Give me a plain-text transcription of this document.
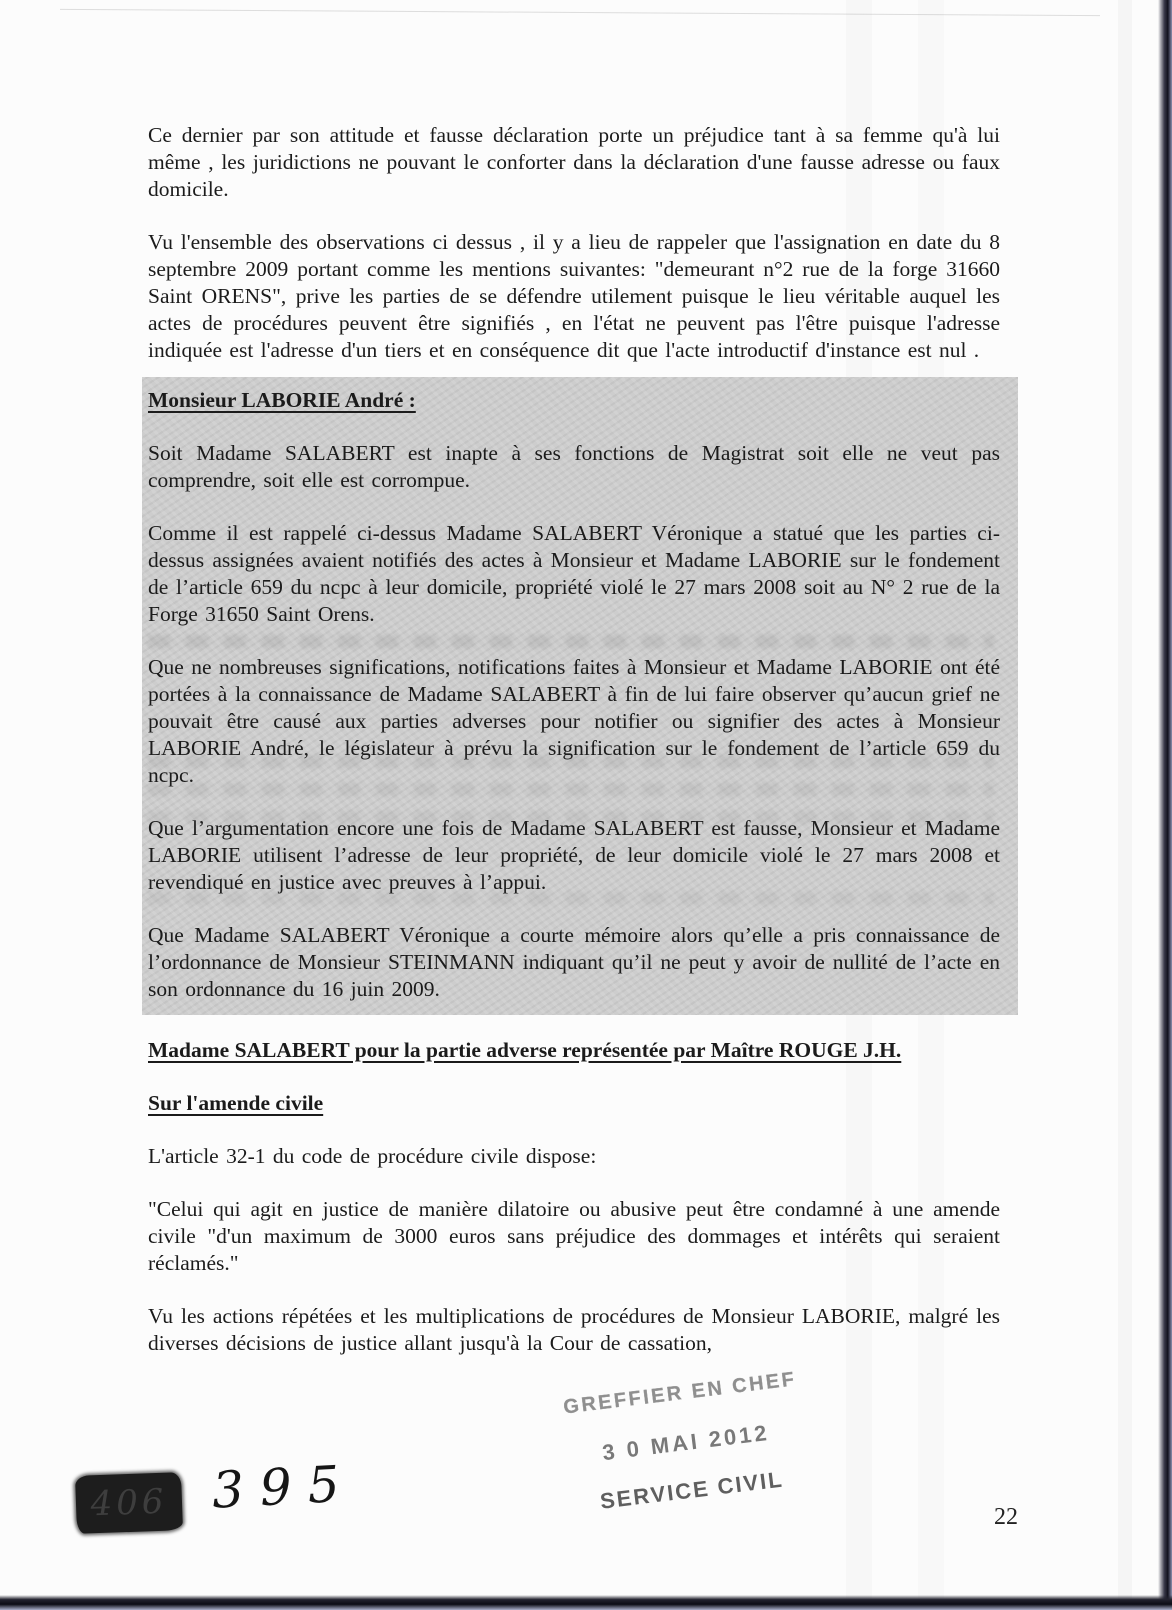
Ce dernier par son attitude et fausse déclaration porte un préjudice tant à sa femme qu'à lui même , les juridictions ne pouvant le conforter dans la déclaration d'une fausse adresse ou faux domicile.

Vu l'ensemble des observations ci dessus , il y a lieu de rappeler que l'assignation en date du 8 septembre 2009 portant comme les mentions suivantes: "demeurant n°2 rue de la forge 31660 Saint ORENS", prive les parties de se défendre utilement puisque le lieu véritable auquel les actes de procédures peuvent être signifiés , en l'état ne peuvent pas l'être puisque l'adresse indiquée est l'adresse d'un tiers et en conséquence dit que l'acte introductif d'instance est nul .

Monsieur LABORIE André :

Soit Madame SALABERT est inapte à ses fonctions de Magistrat soit elle ne veut pas comprendre, soit elle est corrompue.

Comme il est rappelé ci-dessus Madame SALABERT Véronique a statué que les parties ci-dessus assignées avaient notifiés des actes à Monsieur et Madame LABORIE sur le fondement de l’article 659 du ncpc à leur domicile, propriété violé le 27 mars 2008 soit au N° 2 rue de la Forge 31650 Saint Orens.

Que ne nombreuses significations, notifications faites à Monsieur et Madame LABORIE ont été portées à la connaissance de Madame SALABERT à fin de lui faire observer qu’aucun grief ne pouvait être causé aux parties adverses pour notifier ou signifier des actes à Monsieur LABORIE André, le législateur à prévu la signification sur le fondement de l’article 659 du ncpc.

Que l’argumentation encore une fois de Madame SALABERT est fausse, Monsieur et Madame LABORIE utilisent l’adresse de leur propriété, de leur domicile violé le 27 mars 2008 et revendiqué en justice avec preuves à l’appui.

Que Madame SALABERT Véronique a courte mémoire alors qu’elle a pris connaissance de l’ordonnance de Monsieur STEINMANN indiquant qu’il ne peut y avoir de nullité de l’acte en son ordonnance du 16 juin 2009.

Madame SALABERT pour la partie adverse représentée par Maître ROUGE J.H.
Sur l'amende civile

L'article 32-1 du code de procédure civile dispose:

"Celui qui agit en justice de manière dilatoire ou abusive peut être condamné à une amende civile "d'un maximum de 3000 euros sans préjudice des dommages et intérêts qui seraient réclamés."

Vu les actions répétées et les multiplications de procédures de Monsieur LABORIE, malgré les diverses décisions de justice allant jusqu'à la Cour de cassation,

GREFFIER EN CHEF
3 0 MAI 2012
SERVICE CIVIL
406 395	22
